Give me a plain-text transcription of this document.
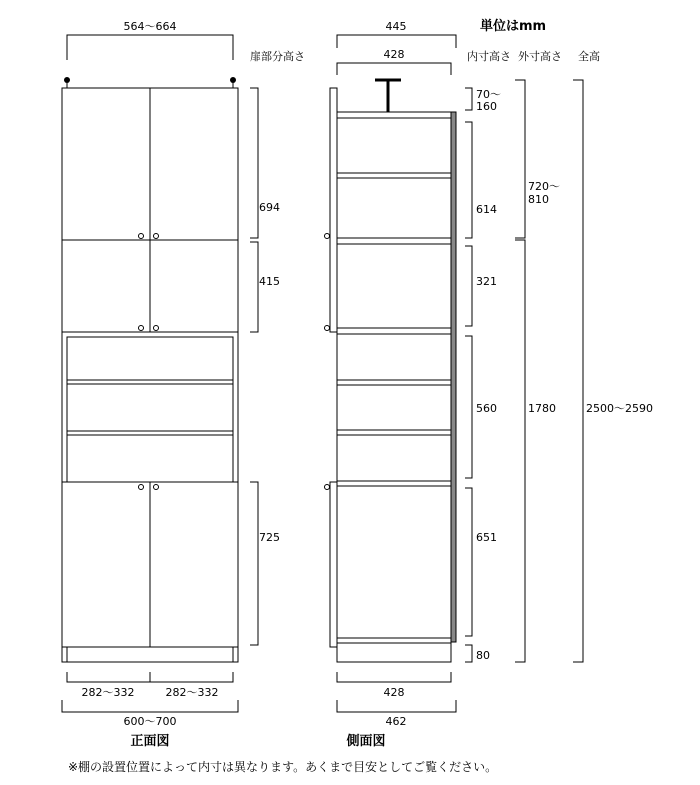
564〜664
694
415
725
282〜332	282〜332
600〜700
正面図
445
428
70〜
160
614
321
560
651
80
720〜
810
1780	2500〜2590
428
462
側面図
単位はmm
扉部分高さ	内寸高さ 外寸高さ 全高
※棚の設置位置によって内寸は異なります。あくまで目安としてご覧ください。
